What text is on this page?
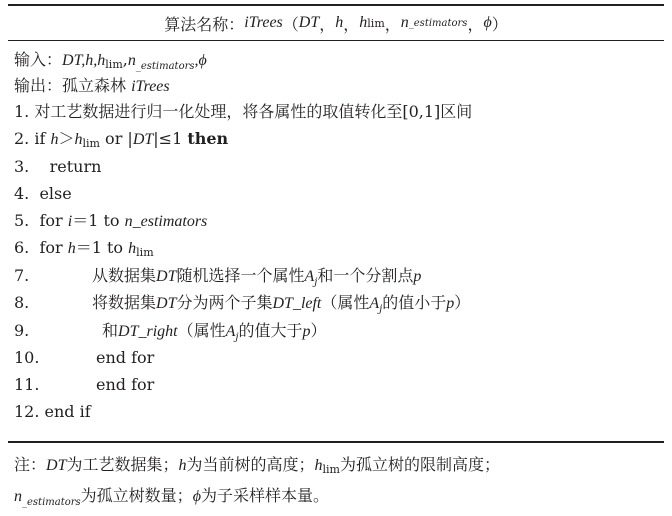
算法名称： iTrees （ DT ， h ， h lim ， n _estimators ， ϕ ）
输入：$DT,h,h_{lim},n_{\_estimators},\phi$
输出：孤立森林 iTrees
1. 对工艺数据进行归一化处理，将各属性的取值转化至[0,1]区间
2. if $h>h_{lim}$ or |DT|≤1 then
3.    return
4.  else
5.  for i＝1 to n_estimators
6.  for h＝1 to $h_{lim}$
7.	从数据集DT随机选择一个属性$A_j$和一个分割点p
8.	将数据集DT分为两个子集DT_left（属性$A_j$的值小于p）
9.	和DT_right（属性$A_j$的值大于p）
10.	end for
11.	end for
12. end if
注：DT为工艺数据集；h为当前树的高度；$h_{lim}$为孤立树的限制高度；
$n_{\_estimators}$为孤立树数量；ϕ为子采样样本量。
